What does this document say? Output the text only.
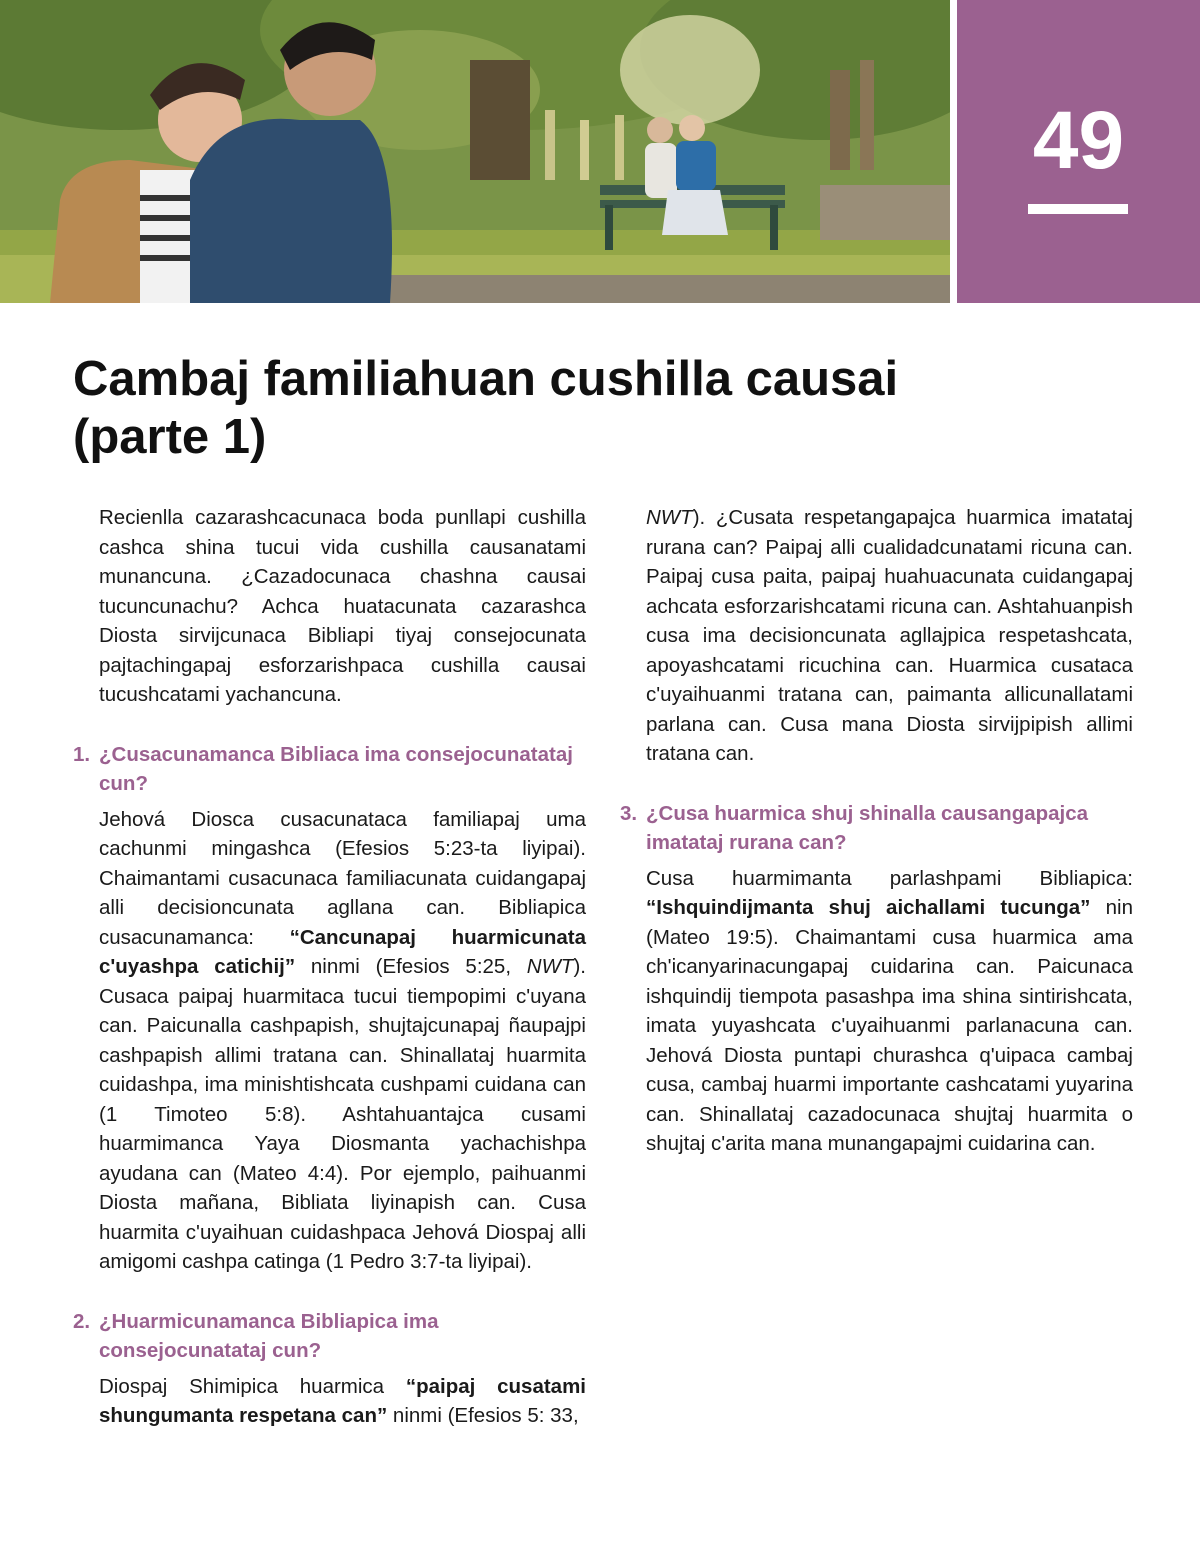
49
Cambaj familiahuan cushilla causai
(parte 1)

Recienlla cazarashcacunaca boda punllapi cushilla cashca shina tucui vida cushilla causanatami munancuna. ¿Cazadocunaca chashna causai tucuncunachu? Achca huatacunata cazarashca Diosta sirvijcunaca Bibliapi tiyaj consejocunata pajtachingapaj esforzarishpaca cushilla causai tucushcatami yachancuna.

1. ¿Cusacunamanca Bibliaca ima consejocunatataj cun?

Jehová Diosca cusacunataca familiapaj uma cachunmi mingashca (Efesios 5:23-ta liyipai). Chaimantami cusacunaca familiacunata cuidangapaj alli decisioncunata agllana can. Bibliapica cusacunamanca: “Cancunapaj huarmicunata c'uyashpa catichij” ninmi (Efesios 5:25, NWT). Cusaca paipaj huarmitaca tucui tiempopimi c'uyana can. Paicunalla cashpapish, shujtajcunapaj ñaupajpi cashpapish allimi tratana can. Shinallataj huarmita cuidashpa, ima minishtishcata cushpami cuidana can (1 Timoteo 5:8). Ashtahuantajca cusami huarmimanca Yaya Diosmanta yachachishpa ayudana can (Mateo 4:4). Por ejemplo, paihuanmi Diosta mañana, Bibliata liyinapish can. Cusa huarmita c'uyaihuan cuidashpaca Jehová Diospaj alli amigomi cashpa catinga (1 Pedro 3:7-ta liyipai).

2. ¿Huarmicunamanca Bibliapica ima consejocunatataj cun?

Diospaj Shimipica huarmica “paipaj cusatami shungumanta respetana can” ninmi (Efesios 5: 33,

NWT). ¿Cusata respetangapajca huarmica imatataj rurana can? Paipaj alli cualidadcunatami ricuna can. Paipaj cusa paita, paipaj huahuacunata cuidangapaj achcata esforzarishcatami ricuna can. Ashtahuanpish cusa ima decisioncunata agllajpica respetashcata, apoyashcatami ricuchina can. Huarmica cusataca c'uyaihuanmi tratana can, paimanta allicunallatami parlana can. Cusa mana Diosta sirvijpipish allimi tratana can.

3. ¿Cusa huarmica shuj shinalla causangapajca imatataj rurana can?

Cusa huarmimanta parlashpami Bibliapica: “Ishquindijmanta shuj aichallami tucunga” nin (Mateo 19:5). Chaimantami cusa huarmica ama ch'icanyarinacungapaj cuidarina can. Paicunaca ishquindij tiempota pasashpa ima shina sintirishcata, imata yuyashcata c'uyaihuanmi parlanacuna can. Jehová Diosta puntapi churashca q'uipaca cambaj cusa, cambaj huarmi importante cashcatami yuyarina can. Shinallataj cazadocunaca shujtaj huarmita o shujtaj c'arita mana munangapajmi cuidarina can.
